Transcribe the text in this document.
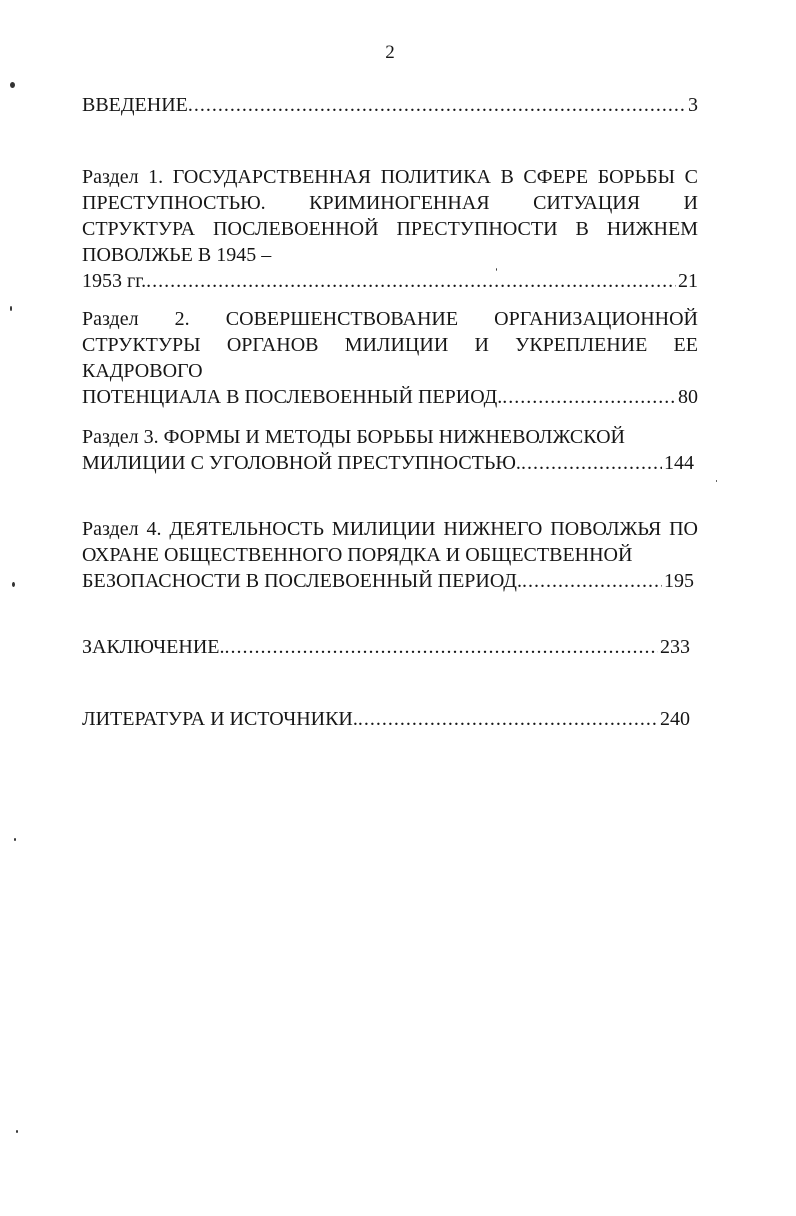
2
ВВЕДЕНИЕ .....	3
Раздел 1. ГОСУДАРСТВЕННАЯ ПОЛИТИКА В СФЕРЕ БОРЬБЫ С ПРЕСТУПНОСТЬЮ. КРИМИНОГЕННАЯ СИТУАЦИЯ И СТРУКТУРА ПОСЛЕВОЕННОЙ ПРЕСТУПНОСТИ В НИЖНЕМ ПОВОЛЖЬЕ В 1945 –
1953 гг. .....	21
Раздел 2. СОВЕРШЕНСТВОВАНИЕ ОРГАНИЗАЦИОННОЙ СТРУКТУРЫ ОРГАНОВ МИЛИЦИИ И УКРЕПЛЕНИЕ ЕЕ КАДРОВОГО
ПОТЕНЦИАЛА В ПОСЛЕВОЕННЫЙ ПЕРИОД. .....	80
Раздел 3. ФОРМЫ И МЕТОДЫ БОРЬБЫ НИЖНЕВОЛЖСКОЙ
МИЛИЦИИ С УГОЛОВНОЙ ПРЕСТУПНОСТЬЮ. .....	144
Раздел 4. ДЕЯТЕЛЬНОСТЬ МИЛИЦИИ НИЖНЕГО ПОВОЛЖЬЯ ПО ОХРАНЕ ОБЩЕСТВЕННОГО ПОРЯДКА И ОБЩЕСТВЕННОЙ
БЕЗОПАСНОСТИ В ПОСЛЕВОЕННЫЙ ПЕРИОД. .....	195
ЗАКЛЮЧЕНИЕ. .....	233
ЛИТЕРАТУРА И ИСТОЧНИКИ. .....	240
